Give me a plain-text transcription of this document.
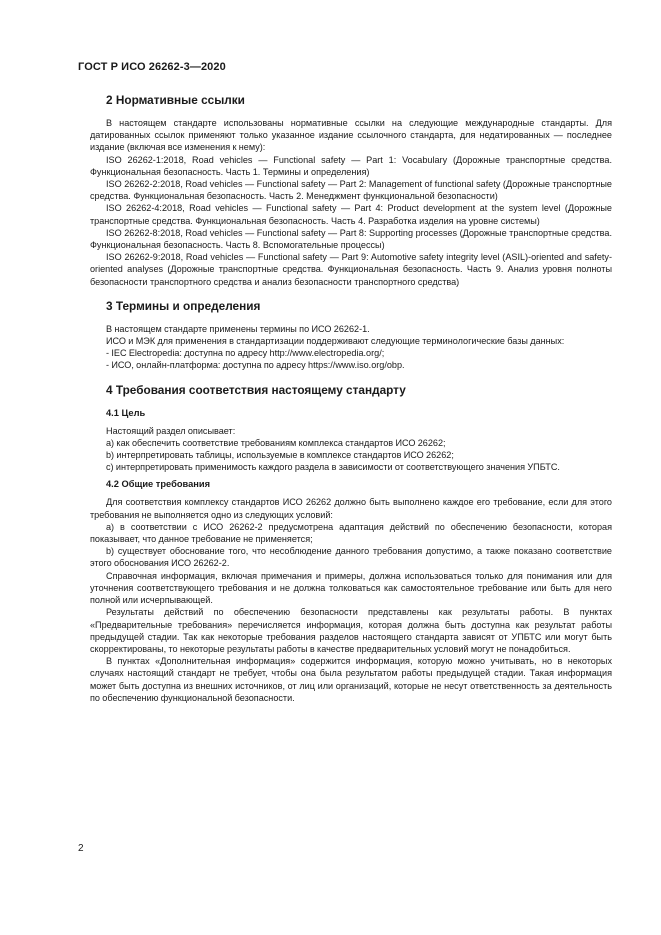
ГОСТ Р ИСО 26262-3—2020
2 Нормативные ссылки

В настоящем стандарте использованы нормативные ссылки на следующие международные стандарты. Для датированных ссылок применяют только указанное издание ссылочного стандарта, для недатированных — последнее издание (включая все изменения к нему):

ISO 26262-1:2018, Road vehicles — Functional safety — Part 1: Vocabulary (Дорожные транспортные средства. Функциональная безопасность. Часть 1. Термины и определения)

ISO 26262-2:2018, Road vehicles — Functional safety — Part 2: Management of functional safety (Дорожные транспортные средства. Функциональная безопасность. Часть 2. Менеджмент функциональной безопасности)

ISO 26262-4:2018, Road vehicles — Functional safety — Part 4: Product development at the system level (Дорожные транспортные средства. Функциональная безопасность. Часть 4. Разработка изделия на уровне системы)

ISO 26262-8:2018, Road vehicles — Functional safety — Part 8: Supporting processes (Дорожные транспортные средства. Функциональная безопасность. Часть 8. Вспомогательные процессы)

ISO 26262-9:2018, Road vehicles — Functional safety — Part 9: Automotive safety integrity level (ASIL)-oriented and safety-oriented analyses (Дорожные транспортные средства. Функциональная безопасность. Часть 9. Анализ уровня полноты безопасности транспортного средства и анализ безопасности транспортного средства)

3 Термины и определения

В настоящем стандарте применены термины по ИСО 26262-1.

ИСО и МЭК для применения в стандартизации поддерживают следующие терминологические базы данных:

- IEC Electropedia: доступна по адресу http://www.electropedia.org/;

- ИСО, онлайн-платформа: доступна по адресу https://www.iso.org/obp.

4 Требования соответствия настоящему стандарту
4.1 Цель

Настоящий раздел описывает:

a) как обеспечить соответствие требованиям комплекса стандартов ИСО 26262;

b) интерпретировать таблицы, используемые в комплексе стандартов ИСО 26262;

c) интерпретировать применимость каждого раздела в зависимости от соответствующего значения УПБТС.

4.2 Общие требования

Для соответствия комплексу стандартов ИСО 26262 должно быть выполнено каждое его требование, если для этого требования не выполняется одно из следующих условий:

a) в соответствии с ИСО 26262-2 предусмотрена адаптация действий по обеспечению безопасности, которая показывает, что данное требование не применяется;

b) существует обоснование того, что несоблюдение данного требования допустимо, а также показано соответствие этого обоснования ИСО 26262-2.

Справочная информация, включая примечания и примеры, должна использоваться только для понимания или для уточнения соответствующего требования и не должна толковаться как самостоятельное требование или быть для него полной или исчерпывающей.

Результаты действий по обеспечению безопасности представлены как результаты работы. В пунктах «Предварительные требования» перечисляется информация, которая должна быть доступна как результат работы предыдущей стадии. Так как некоторые требования разделов настоящего стандарта зависят от УПБТС или могут быть скорректированы, то некоторые результаты работы в качестве предварительных условий могут не понадобиться.

В пунктах «Дополнительная информация» содержится информация, которую можно учитывать, но в некоторых случаях настоящий стандарт не требует, чтобы она была результатом работы предыдущей стадии. Такая информация может быть доступна из внешних источников, от лиц или организаций, которые не несут ответственность за деятельность по обеспечению функциональной безопасности.

2
